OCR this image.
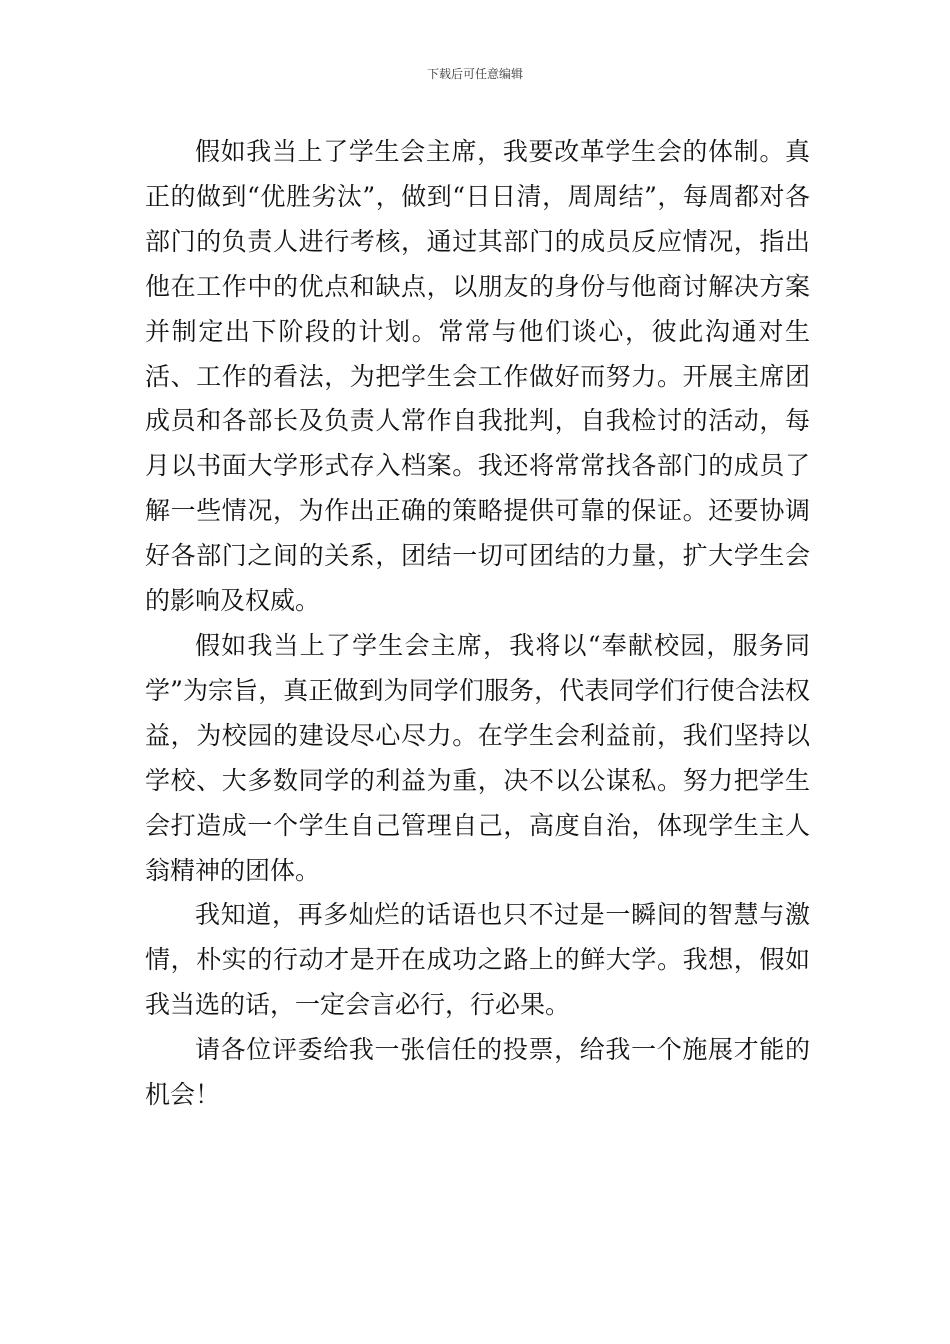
下载后可任意编辑

假如我当上了学生会主席，我要改革学生会的体制。真正的做到“优胜劣汰”，做到“日日清，周周结”，每周都对各部门的负责人进行考核，通过其部门的成员反应情况，指出他在工作中的优点和缺点，以朋友的身份与他商讨解决方案并制定出下阶段的计划。常常与他们谈心，彼此沟通对生活、工作的看法，为把学生会工作做好而努力。开展主席团成员和各部长及负责人常作自我批判，自我检讨的活动，每月以书面大学形式存入档案。我还将常常找各部门的成员了解一些情况，为作出正确的策略提供可靠的保证。还要协调好各部门之间的关系，团结一切可团结的力量，扩大学生会的影响及权威。

假如我当上了学生会主席，我将以“奉献校园，服务同学”为宗旨，真正做到为同学们服务，代表同学们行使合法权益，为校园的建设尽心尽力。在学生会利益前，我们坚持以学校、大多数同学的利益为重，决不以公谋私。努力把学生会打造成一个学生自己管理自己，高度自治，体现学生主人翁精神的团体。

我知道，再多灿烂的话语也只不过是一瞬间的智慧与激情，朴实的行动才是开在成功之路上的鲜大学。我想，假如我当选的话，一定会言必行，行必果。

请各位评委给我一张信任的投票，给我一个施展才能的机会！
